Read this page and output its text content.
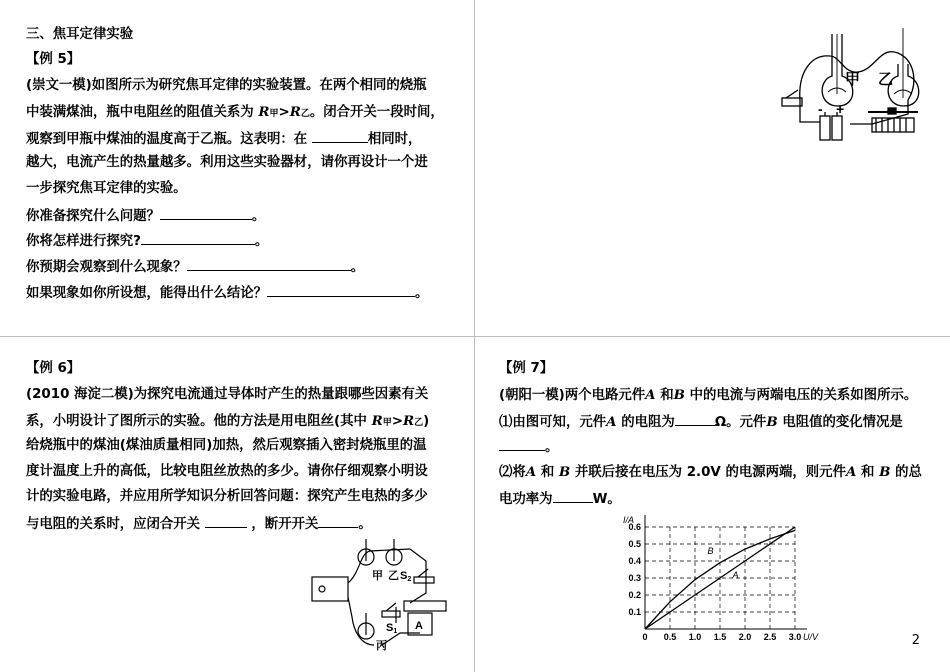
三、焦耳定律实验
【例 5】
(崇文一模)如图所示为研究焦耳定律的实验装置。在两个相同的烧瓶
中装满煤油，瓶中电阻丝的阻值关系为 R甲>R乙。闭合开关一段时间，
观察到甲瓶中煤油的温度高于乙瓶。这表明：在	相同时，
越大，电流产生的热量越多。利用这些实验器材，请你再设计一个进
一步探究焦耳定律的实验。
你准备探究什么问题？	。
你将怎样进行探究?	。
你预期会观察到什么现象？	。
如果现象如你所设想，能得出什么结论？	。
甲 乙
- +
【例 6】
(2010 海淀二模)为探究电流通过导体时产生的热量跟哪些因素有关
系，小明设计了图所示的实验。他的方法是用电阻丝(其中 R甲>R乙)
给烧瓶中的煤油(煤油质量相同)加热，然后观察插入密封烧瓶里的温
度计温度上升的高低，比较电阻丝放热的多少。请你仔细观察小明设
计的实验电路，并应用所学知识分析回答问题：探究产生电热的多少
与电阻的关系时，应闭合开关	，断开开关	。
甲 乙
丙
S2
S1 A
【例 7】
(朝阳一模)两个电路元件A 和B 中的电流与两端电压的关系如图所示。
⑴由图可知，元件A 的电阻为	Ω。元件B 电阻值的变化情况是
。
⑵将A 和 B 并联后接在电压为 2.0V 的电源两端，则元件A 和 B 的总
电功率为	W。
0 0.5 1.0 1.5 2.0 2.5 3.0
0.1
0.2
0.3
0.4
0.5
0.6
U/V
I/A
A
B
2
